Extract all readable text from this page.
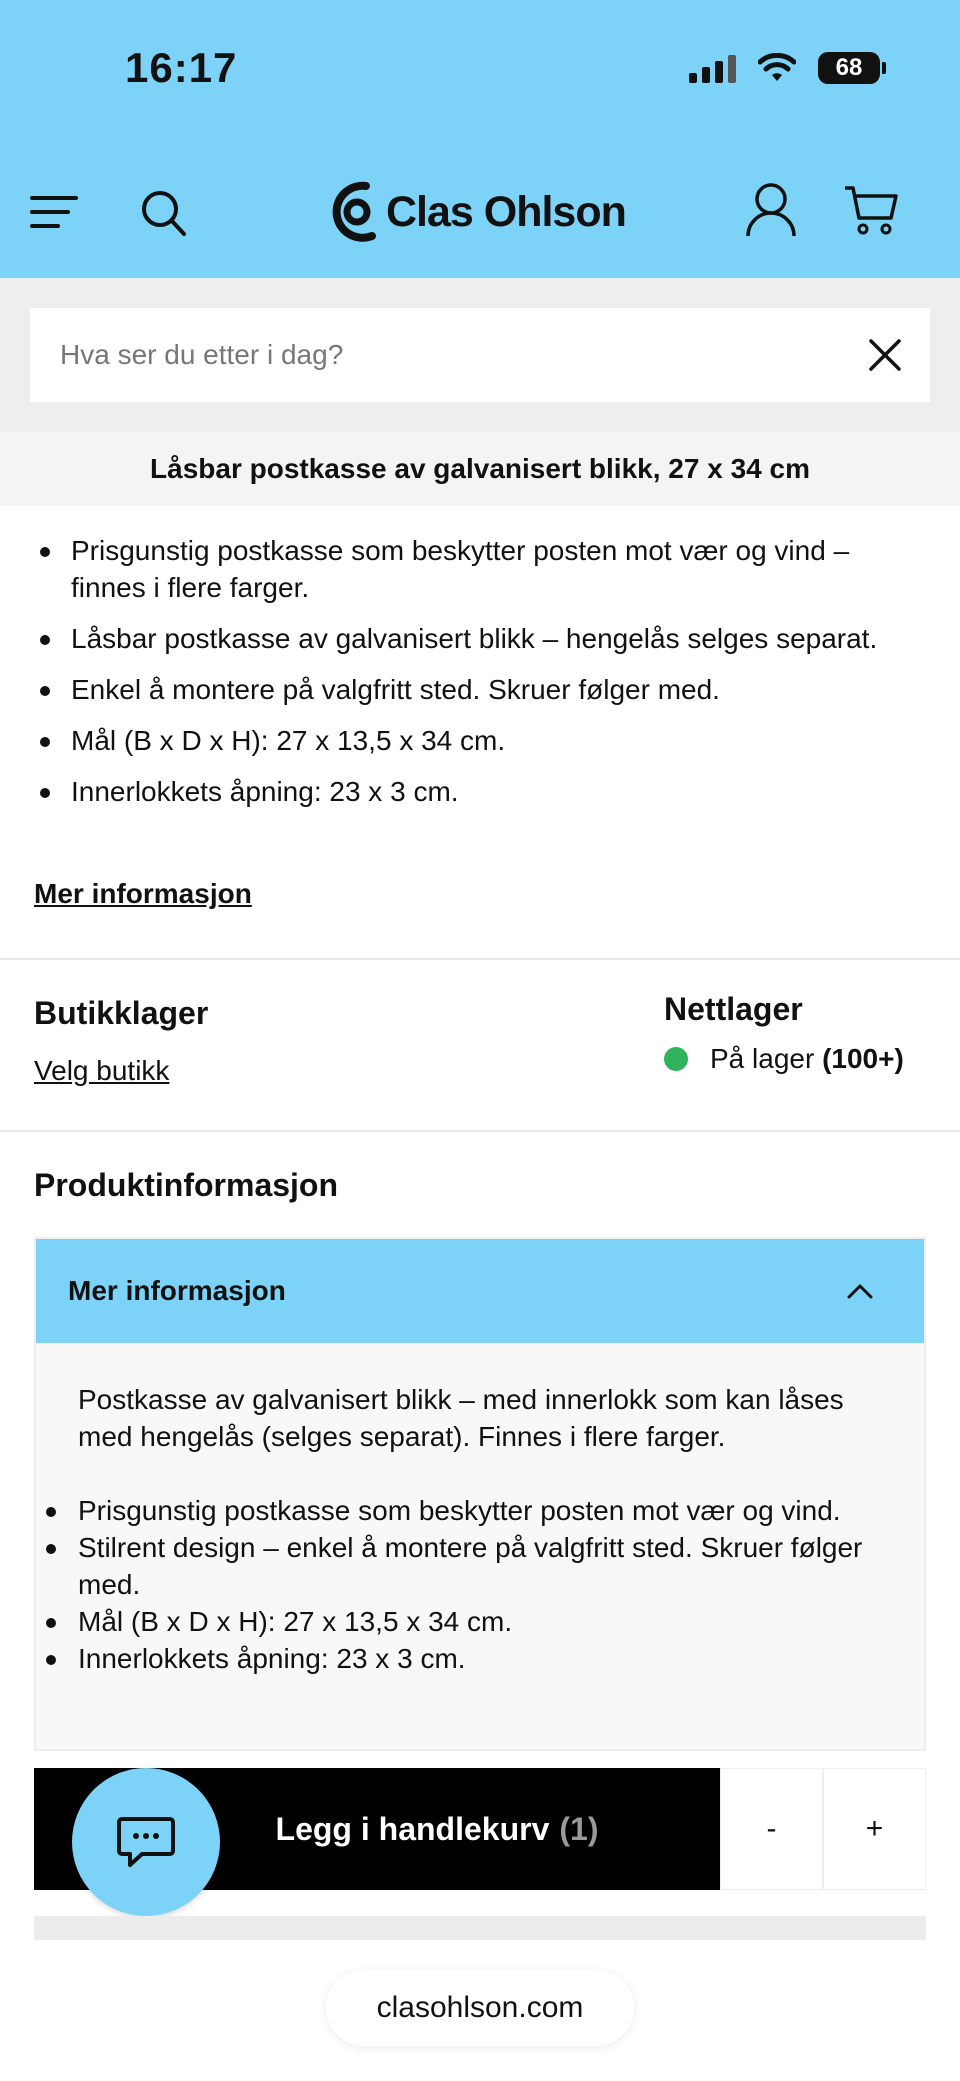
16:17	68
Clas Ohlson
Hva ser du etter i dag?
Låsbar postkasse av galvanisert blikk, 27 x 34 cm
Prisgunstig postkasse som beskytter posten mot vær og vind – finnes i flere farger.
Låsbar postkasse av galvanisert blikk – hengelås selges separat.
Enkel å montere på valgfritt sted. Skruer følger med.
Mål (B x D x H): 27 x 13,5 x 34 cm.
Innerlokkets åpning: 23 x 3 cm.
Mer informasjon
Butikklager
Velg butikk
Nettlager
På lager
(100+)
Produktinformasjon
Mer informasjon

Postkasse av galvanisert blikk – med innerlokk som kan låses med hengelås (selges separat). Finnes i flere farger.

Prisgunstig postkasse som beskytter posten mot vær og vind.
Stilrent design – enkel å montere på valgfritt sted. Skruer følger med.
Mål (B x D x H): 27 x 13,5 x 34 cm.
Innerlokkets åpning: 23 x 3 cm.
Legg i handlekurv (1)	-	+
clasohlson.com
